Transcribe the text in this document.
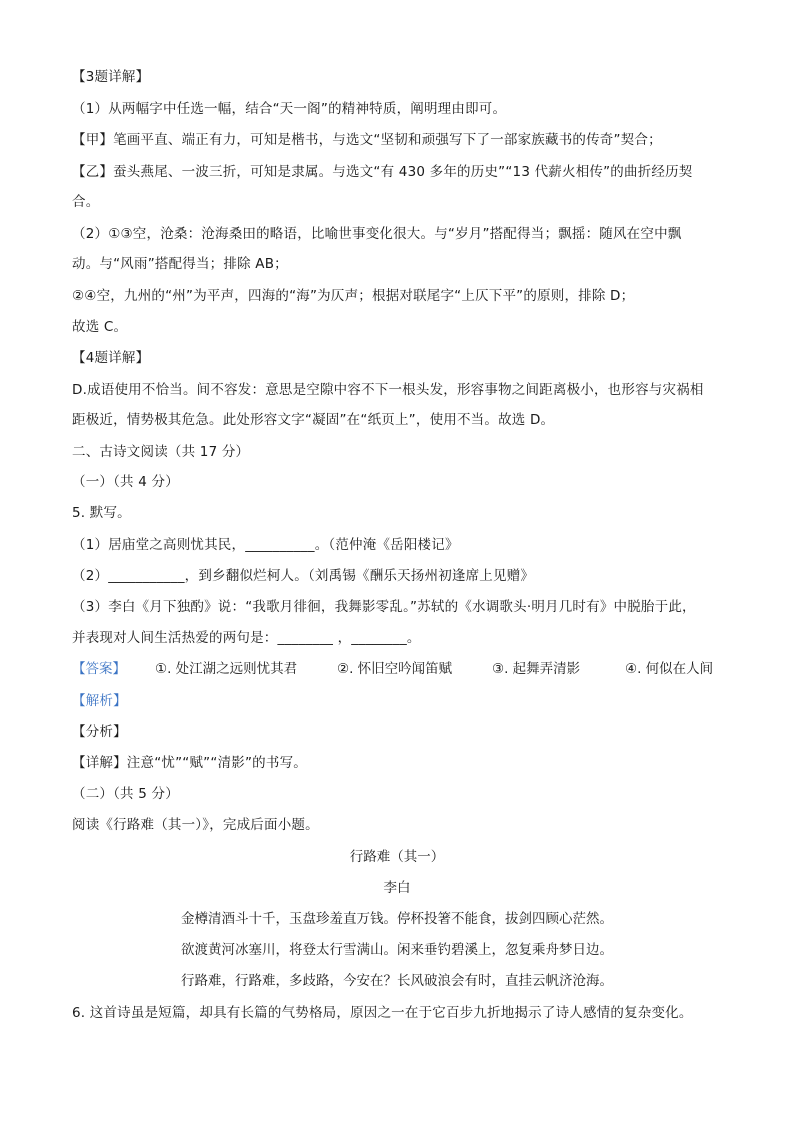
【3题详解】
（1）从两幅字中任选一幅，结合“天一阁”的精神特质，阐明理由即可。
【甲】笔画平直、端正有力，可知是楷书，与选文“坚韧和顽强写下了一部家族藏书的传奇”契合；
【乙】蚕头燕尾、一波三折，可知是隶属。与选文“有 430 多年的历史”“13 代薪火相传”的曲折经历契
合。
（2）①③空，沧桑：沧海桑田的略语，比喻世事变化很大。与“岁月”搭配得当；飘摇：随风在空中飘
动。与“风雨”搭配得当；排除 AB；
②④空，九州的“州”为平声，四海的“海”为仄声；根据对联尾字“上仄下平”的原则，排除 D；
故选 C。
【4题详解】
D.成语使用不恰当。间不容发：意思是空隙中容不下一根头发，形容事物之间距离极小，也形容与灾祸相
距极近，情势极其危急。此处形容文字“凝固”在“纸页上”，使用不当。故选 D。
二、古诗文阅读（共 17 分）
（一）（共 4 分）
5. 默写。
（1）居庙堂之高则忧其民，__________。（范仲淹《岳阳楼记》
（2）___________，到乡翻似烂柯人。（刘禹锡《酬乐天扬州初逢席上见赠》
（3）李白《月下独酌》说：“我歌月徘徊，我舞影零乱。”苏轼的《水调歌头·明月几时有》中脱胎于此，
并表现对人间生活热爱的两句是：________ ，________。
【答案】 ①. 处江湖之远则忧其君	②. 怀旧空吟闻笛赋	③. 起舞弄清影	④. 何似在人间
【解析】
【分析】
【详解】注意“忧”“赋”“清影”的书写。
（二）（共 5 分）
阅读《行路难（其一）》，完成后面小题。
行路难（其一）
李白
金樽清酒斗十千，玉盘珍羞直万钱。停杯投箸不能食，拔剑四顾心茫然。
欲渡黄河冰塞川，将登太行雪满山。闲来垂钓碧溪上，忽复乘舟梦日边。
行路难，行路难，多歧路，今安在？长风破浪会有时，直挂云帆济沧海。
6. 这首诗虽是短篇，却具有长篇的气势格局，原因之一在于它百步九折地揭示了诗人感情的复杂变化。
